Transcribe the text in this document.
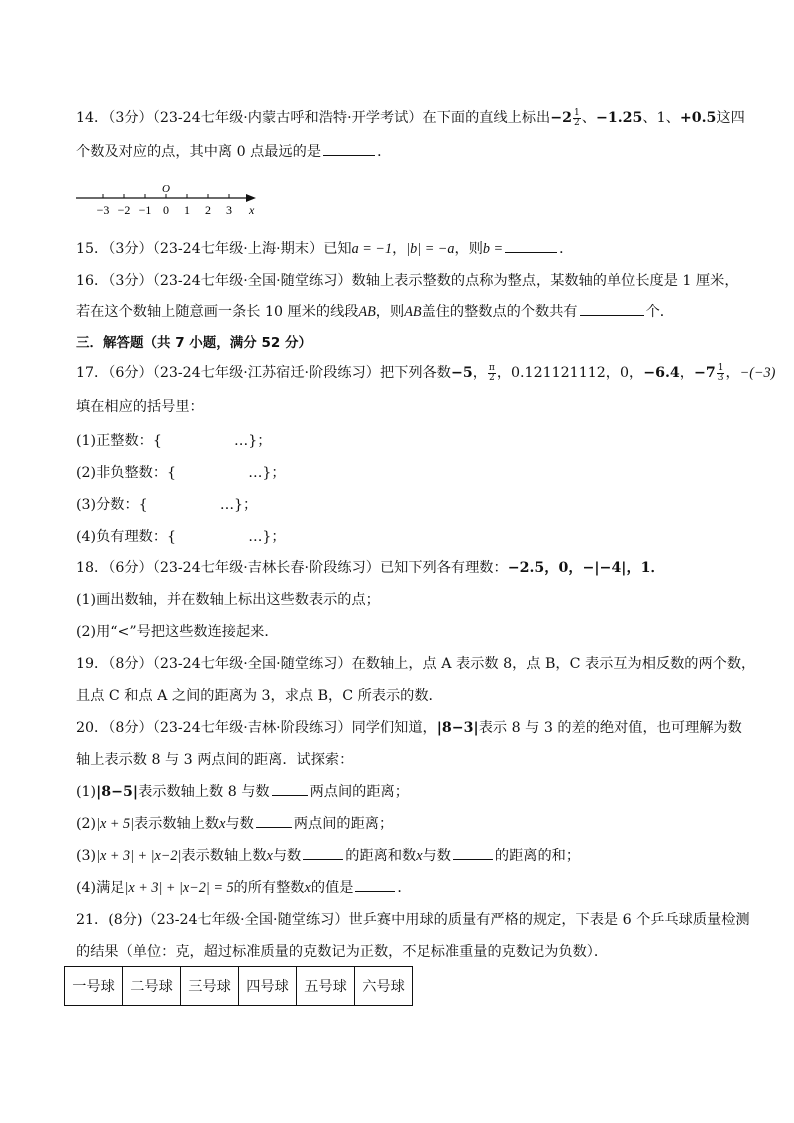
14．（3分）（23-24七年级·内蒙古呼和浩特·开学考试）在下面的直线上标出$-2 \frac{1}{2}$ 、−1.25、1、+0.5这四
个数及对应的点，其中离 0 点最远的是	．
−3 −2 −1 0 1 2 3
O
x
15．（3分）（23-24七年级·上海·期末）已知a = −1，|b| = −a，则b =	．
16．（3分）（23-24七年级·全国·随堂练习）数轴上表示整数的点称为整点，某数轴的单位长度是 1 厘米，
若在这个数轴上随意画一条长 10 厘米的线段AB，则AB盖住的整数点的个数共有	个．
三．解答题（共 7 小题，满分 52 分）
17．（6分）（23-24七年级·江苏宿迁·阶段练习）把下列各数−5， $\frac{\pi}{2}$ ，0.121121112，0，−6.4，$-7 \frac{1}{3}$ ，−(−3)
填在相应的括号里：
(1)正整数：{                …}；
(2)非负整数：{                …}；
(3)分数：{                …}；
(4)负有理数：{                …}；
18．（6分）（23-24七年级·吉林长春·阶段练习）已知下列各有理数：−2.5，0，−|−4|，1．
(1)画出数轴，并在数轴上标出这些数表示的点；
(2)用“<”号把这些数连接起来．
19．（8分）（23-24七年级·全国·随堂练习）在数轴上，点 A 表示数 8，点 B，C 表示互为相反数的两个数，
且点 C 和点 A 之间的距离为 3，求点 B，C 所表示的数．
20．（8分）（23-24七年级·吉林·阶段练习）同学们知道，|8−3|表示 8 与 3 的差的绝对值，也可理解为数
轴上表示数 8 与 3 两点间的距离．试探索：
(1)|8−5|表示数轴上数 8 与数	两点间的距离；
(2)|x + 5|表示数轴上数x与数	两点间的距离；
(3)|x + 3| + |x−2|表示数轴上数x与数	的距离和数x与数	的距离的和；
(4)满足|x + 3| + |x−2| = 5的所有整数x的值是	．
21．(8分)（23-24七年级·全国·随堂练习）世乒赛中用球的质量有严格的规定，下表是 6 个乒乓球质量检测
的结果（单位：克，超过标准质量的克数记为正数，不足标准重量的克数记为负数）．
一号球	二号球	三号球	四号球	五号球	六号球
